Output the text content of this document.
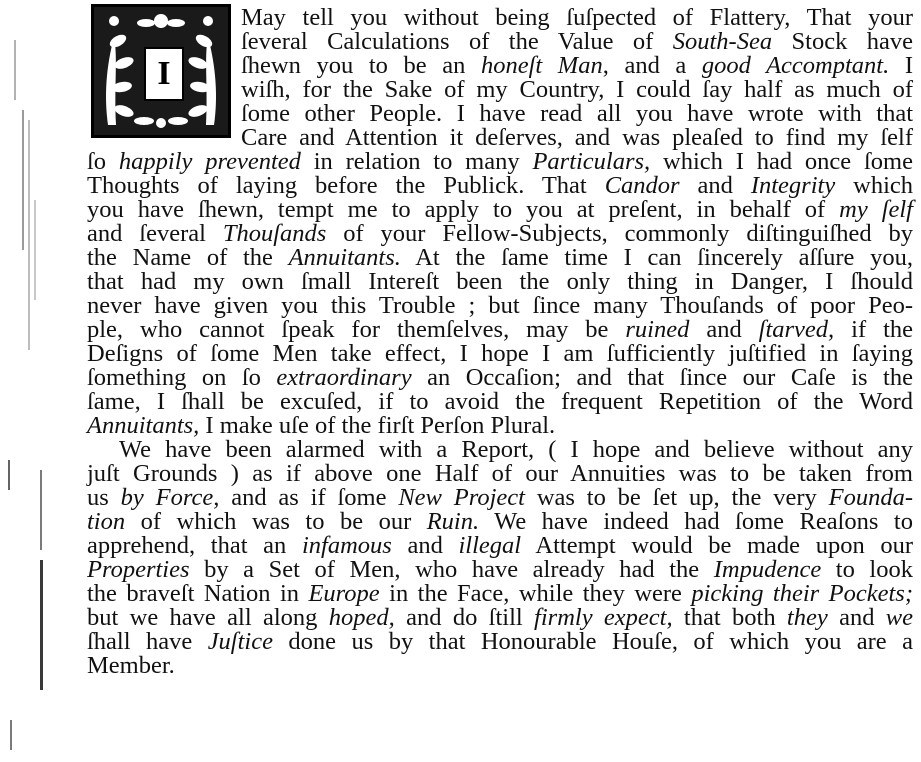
I
May tell you without being ſuſpected of Flattery, That your
ſeveral Calculations of the Value of South-Sea Stock have
ſhewn you to be an honeſt Man, and a good Accomptant. I
wiſh, for the Sake of my Country, I could ſay half as much of
ſome other People. I have read all you have wrote with that
Care and Attention it deſerves, and was pleaſed to find my ſelf
ſo happily prevented in relation to many Particulars, which I had once ſome
Thoughts of laying before the Publick. That Candor and Integrity which
you have ſhewn, tempt me to apply to you at preſent, in behalf of my ſelf
and ſeveral Thouſands of your Fellow-Subjects, commonly diſtinguiſhed by
the Name of the Annuitants. At the ſame time I can ſincerely aſſure you,
that had my own ſmall Intereſt been the only thing in Danger, I ſhould
never have given you this Trouble ; but ſince many Thouſands of poor Peo-
ple, who cannot ſpeak for themſelves, may be ruined and ſtarved, if the
Deſigns of ſome Men take effect, I hope I am ſufficiently juſtified in ſaying
ſomething on ſo extraordinary an Occaſion; and that ſince our Caſe is the
ſame, I ſhall be excuſed, if to avoid the frequent Repetition of the Word
Annuitants, I make uſe of the firſt Perſon Plural.
We have been alarmed with a Report, ( I hope and believe without any
juſt Grounds ) as if above one Half of our Annuities was to be taken from
us by Force, and as if ſome New Project was to be ſet up, the very Founda-
tion of which was to be our Ruin. We have indeed had ſome Reaſons to
apprehend, that an infamous and illegal Attempt would be made upon our
Properties by a Set of Men, who have already had the Impudence to look
the braveſt Nation in Europe in the Face, while they were picking their Pockets;
but we have all along hoped, and do ſtill firmly expect, that both they and we
ſhall have Juſtice done us by that Honourable Houſe, of which you are a
Member.
